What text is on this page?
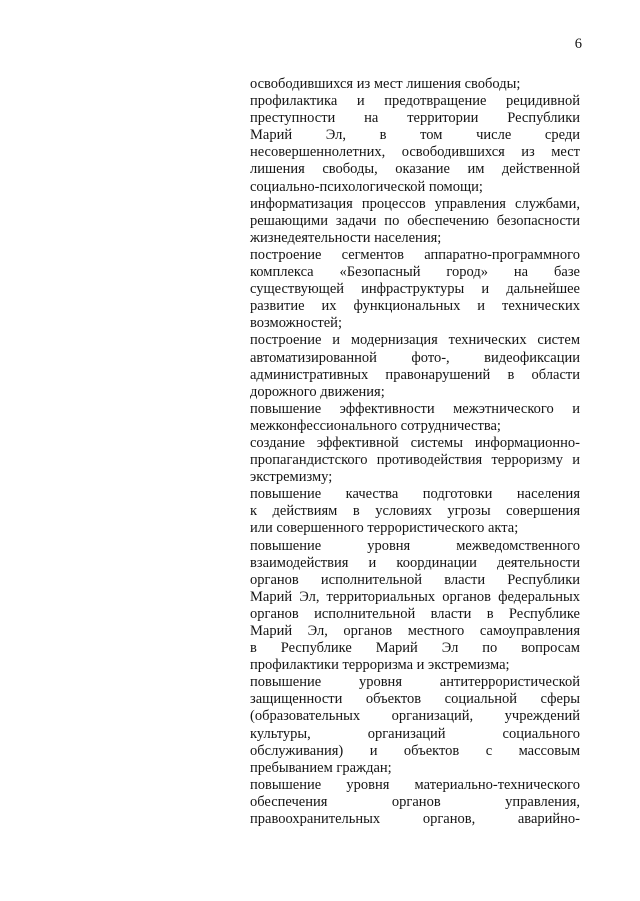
6
освободившихся из мест лишения свободы;
профилактика и предотвращение рецидивной
преступности на территории Республики
Марий Эл, в том числе среди
несовершеннолетних, освободившихся из мест
лишения свободы, оказание им действенной
социально-психологической помощи;
информатизация процессов управления службами,
решающими задачи по обеспечению безопасности
жизнедеятельности населения;
построение сегментов аппаратно-программного
комплекса «Безопасный город» на базе
существующей инфраструктуры и дальнейшее
развитие их функциональных и технических
возможностей;
построение и модернизация технических систем
автоматизированной фото-, видеофиксации
административных правонарушений в области
дорожного движения;
повышение эффективности межэтнического и
межконфессионального сотрудничества;
создание эффективной системы информационно-
пропагандистского противодействия терроризму и
экстремизму;
повышение качества подготовки населения
к действиям в условиях угрозы совершения
или совершенного террористического акта;
повышение уровня межведомственного
взаимодействия и координации деятельности
органов исполнительной власти Республики
Марий Эл, территориальных органов федеральных
органов исполнительной власти в Республике
Марий Эл, органов местного самоуправления
в Республике Марий Эл по вопросам
профилактики терроризма и экстремизма;
повышение уровня антитеррористической
защищенности объектов социальной сферы
(образовательных организаций, учреждений
культуры, организаций социального
обслуживания) и объектов с массовым
пребыванием граждан;
повышение уровня материально-технического
обеспечения органов управления,
правоохранительных органов, аварийно-
